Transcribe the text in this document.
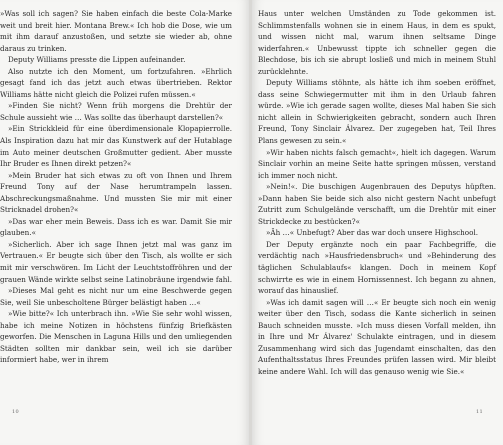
»Was soll ich sagen? Sie haben einfach die beste Cola-Marke weit und breit hier. Montana Brew.« Ich hob die Dose, wie um mit ihm darauf anzustoßen, und setzte sie wieder ab, ohne daraus zu trinken.

Deputy Williams presste die Lippen aufeinander.

Also nutzte ich den Moment, um fortzufahren. »Ehrlich gesagt fand ich das jetzt auch etwas übertrieben. Rektor Williams hätte nicht gleich die Polizei rufen müssen.«

»Finden Sie nicht? Wenn früh morgens die Drehtür der Schule aussieht wie … Was sollte das überhaupt darstellen?«

»Ein Strickkleid für eine überdimensionale Klopapierrolle. Als Inspiration dazu hat mir das Kunstwerk auf der Hutablage im Auto meiner deutschen Großmutter gedient. Aber musste Ihr Bruder es Ihnen direkt petzen?«

»Mein Bruder hat sich etwas zu oft von Ihnen und Ihrem Freund Tony auf der Nase herumtrampeln lassen. Abschreckungsmaßnahme. Und mussten Sie mir mit einer Stricknadel drohen?«

»Das war eher mein Beweis. Dass ich es war. Damit Sie mir glauben.«

»Sicherlich. Aber ich sage Ihnen jetzt mal was ganz im Vertrauen.« Er beugte sich über den Tisch, als wollte er sich mit mir verschwören. Im Licht der Leuchtstoffröhren und der grauen Wände wirkte selbst seine Latinobräune irgendwie fahl.

»Dieses Mal geht es nicht nur um eine Beschwerde gegen Sie, weil Sie unbescholtene Bürger belästigt haben …«

»Wie bitte?« Ich unterbrach ihn. »Wie Sie sehr wohl wissen, habe ich meine Notizen in höchstens fünfzig Briefkästen geworfen. Die Menschen in Laguna Hills und den umliegenden Städten sollten mir dankbar sein, weil ich sie darüber informiert habe, wer in ihrem

10

Haus unter welchen Umständen zu Tode gekommen ist. Schlimmstenfalls wohnen sie in einem Haus, in dem es spukt, und wissen nicht mal, warum ihnen seltsame Dinge widerfahren.« Unbewusst tippte ich schneller gegen die Blechdose, bis ich sie abrupt losließ und mich in meinem Stuhl zurücklehnte.

Deputy Williams stöhnte, als hätte ich ihm soeben eröffnet, dass seine Schwiegermutter mit ihm in den Urlaub fahren würde. »Wie ich gerade sagen wollte, dieses Mal haben Sie sich nicht allein in Schwierigkeiten gebracht, sondern auch Ihren Freund, Tony Sinclair Álvarez. Der zugegeben hat, Teil Ihres Plans gewesen zu sein.«

»Wir haben nichts falsch gemacht«, hielt ich dagegen. Warum Sinclair vorhin an meine Seite hatte springen müssen, verstand ich immer noch nicht.

»Nein!«. Die buschigen Augenbrauen des Deputys hüpften. »Dann haben Sie beide sich also nicht gestern Nacht unbefugt Zutritt zum Schulgelände verschafft, um die Drehtür mit einer Strickdecke zu bestücken?«

»Äh …« Unbefugt? Aber das war doch unsere Highschool.

Der Deputy ergänzte noch ein paar Fachbegriffe, die verdächtig nach »Hausfriedensbruch« und »Behinderung des täglichen Schulablaufs« klangen. Doch in meinem Kopf schwirrte es wie in einem Hornissennest. Ich begann zu ahnen, worauf das hinauslief.

»Was ich damit sagen will …« Er beugte sich noch ein wenig weiter über den Tisch, sodass die Kante sicherlich in seinen Bauch schneiden musste. »Ich muss diesen Vorfall melden, ihn in Ihre und Mr Álvarez' Schulakte eintragen, und in diesem Zusammenhang wird sich das Jugendamt einschalten, das den Aufenthaltsstatus Ihres Freundes prüfen lassen wird. Mir bleibt keine andere Wahl. Ich will das genauso wenig wie Sie.«

11
